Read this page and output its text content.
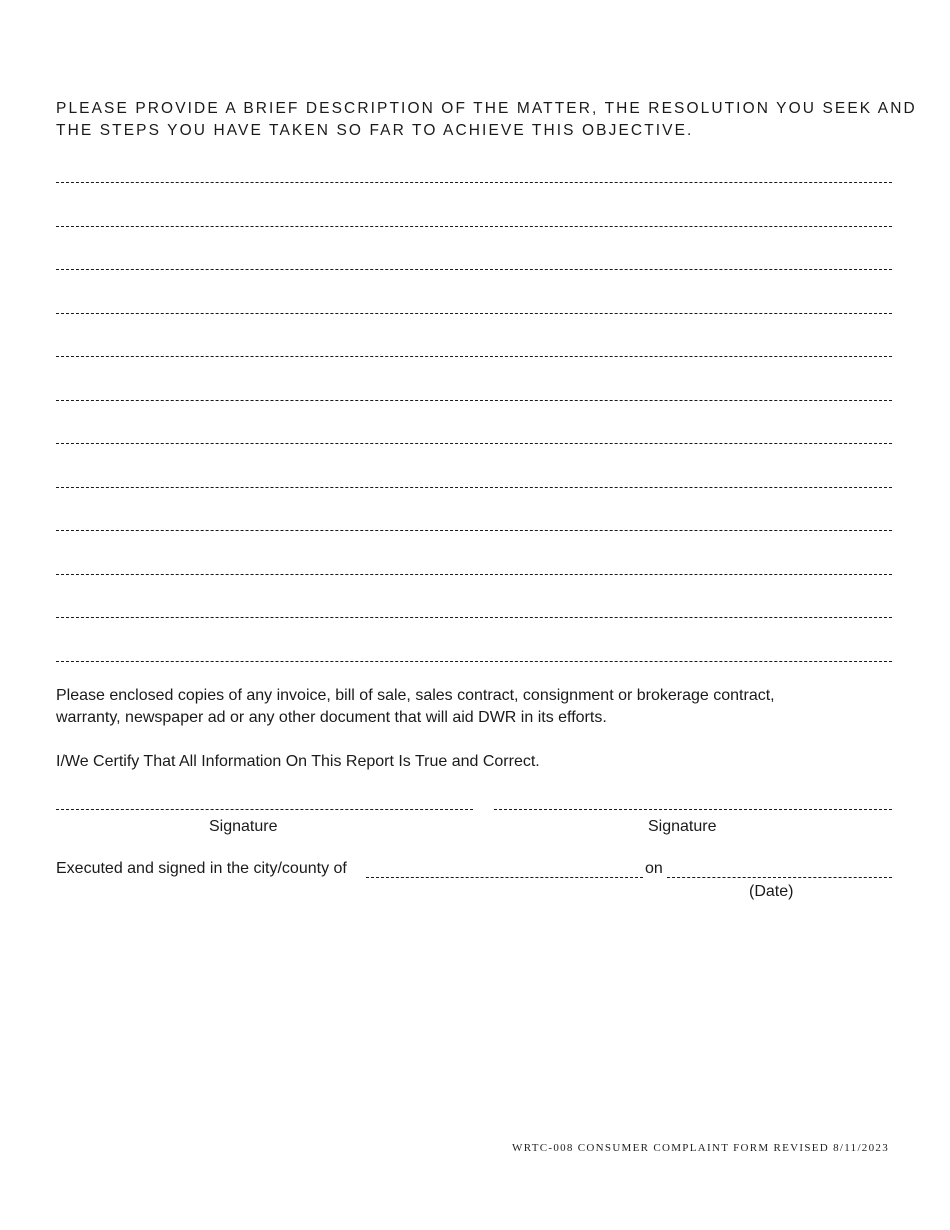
PLEASE PROVIDE A BRIEF DESCRIPTION OF THE MATTER, THE RESOLUTION YOU SEEK AND
THE STEPS YOU HAVE TAKEN SO FAR TO ACHIEVE THIS OBJECTIVE.
Please enclosed copies of any invoice, bill of sale, sales contract, consignment or brokerage contract,
warranty, newspaper ad or any other document that will aid DWR in its efforts.
I/We Certify That All Information On This Report Is True and Correct.
Signature	Signature
Executed and signed in the city/county of	on
(Date)
WRTC-008 CONSUMER COMPLAINT FORM REVISED 8/11/2023
